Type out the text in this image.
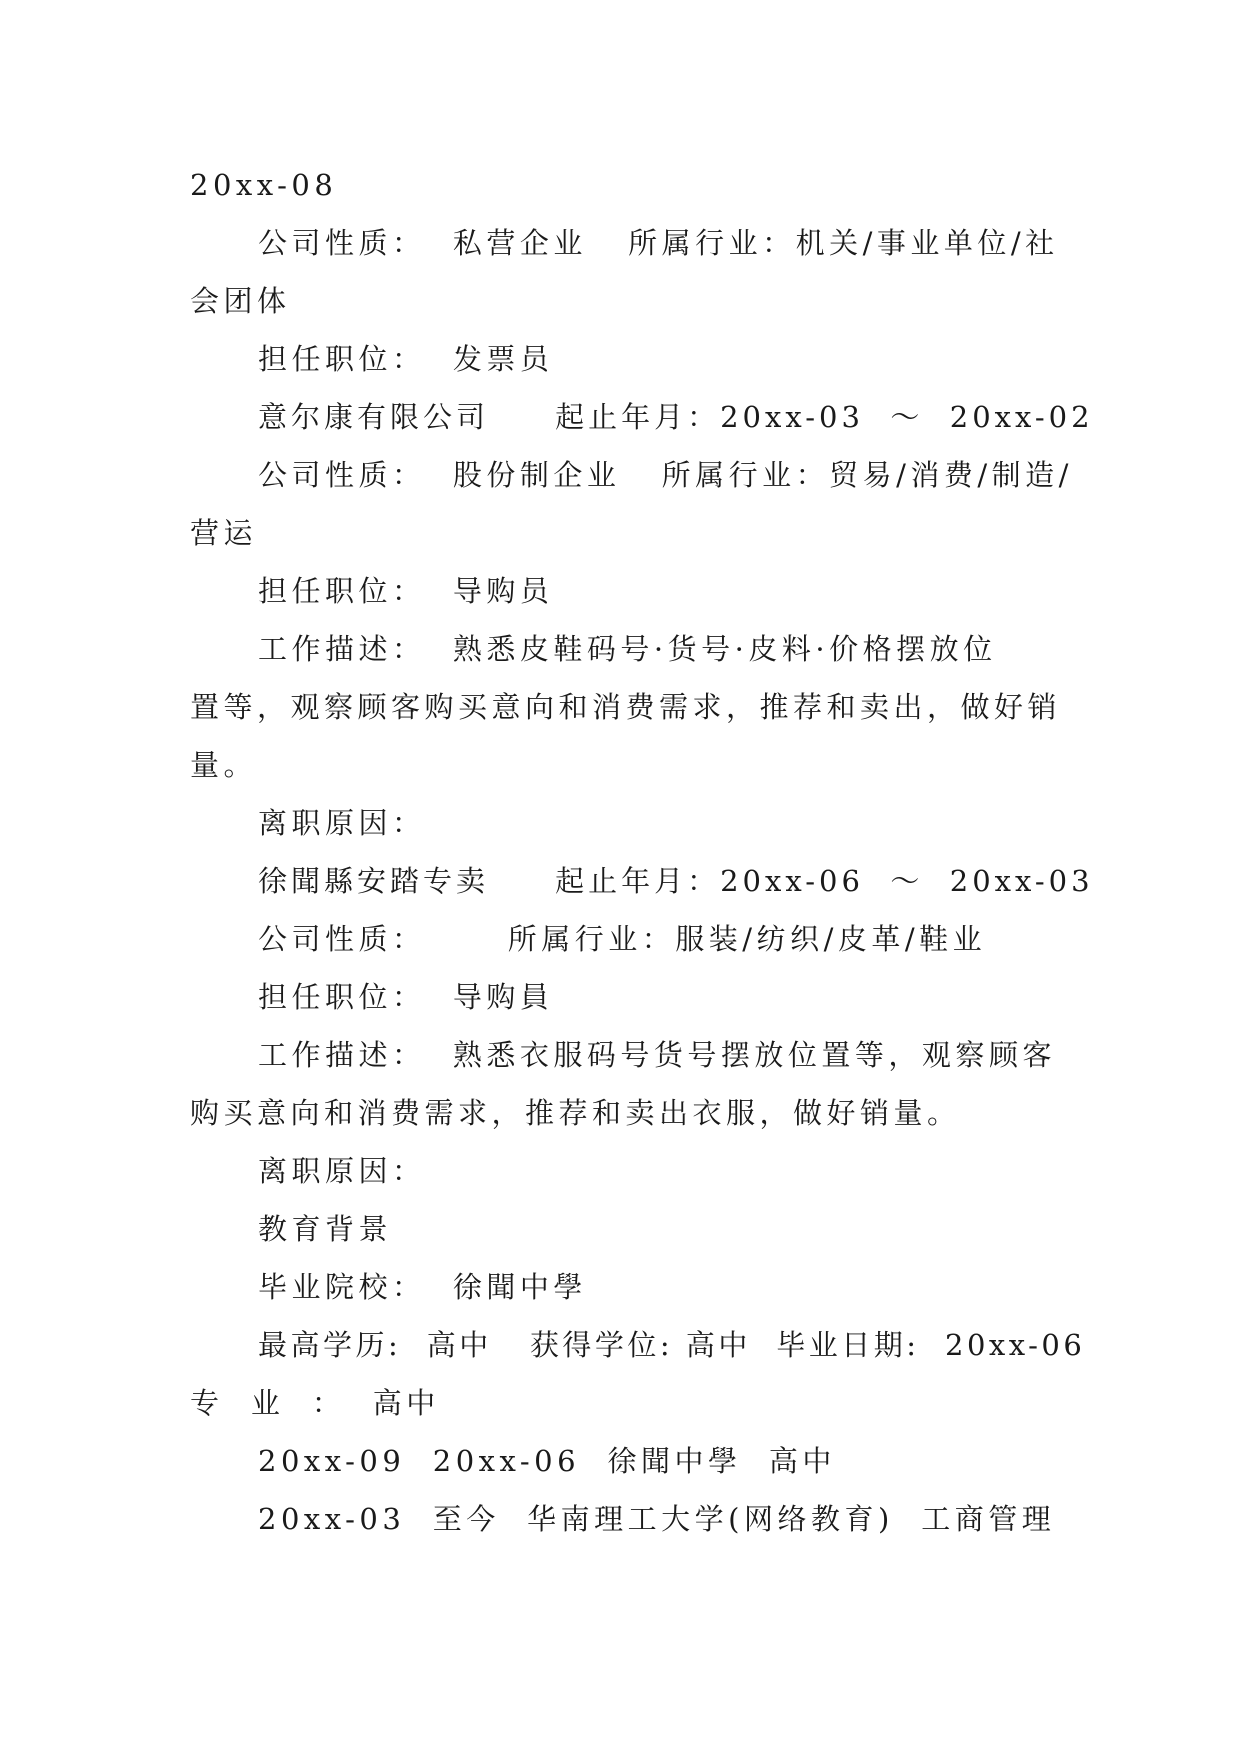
20xx-08
公司性质：  私营企业   所属行业：机关/事业单位/社
会团体
担任职位：  发票员
意尔康有限公司     起止年月：20xx-03  ～  20xx-02
公司性质：  股份制企业   所属行业：贸易/消费/制造/
营运
担任职位：  导购员
工作描述：  熟悉皮鞋码号·货号·皮料·价格摆放位
置等，观察顾客购买意向和消费需求，推荐和卖出，做好销
量。
离职原因：
徐聞縣安踏专卖     起止年月：20xx-06  ～  20xx-03
公司性质：      所属行业：服装/纺织/皮革/鞋业
担任职位：  导购員
工作描述：  熟悉衣服码号货号摆放位置等，观察顾客
购买意向和消费需求，推荐和卖出衣服，做好销量。
离职原因：
教育背景
毕业院校：  徐聞中學
最高学历:  高中   获得学位: 高中  毕业日期:  20xx-06
专  业  ：  高中
20xx-09  20xx-06  徐聞中學  高中
20xx-03  至今  华南理工大学(网络教育)  工商管理
